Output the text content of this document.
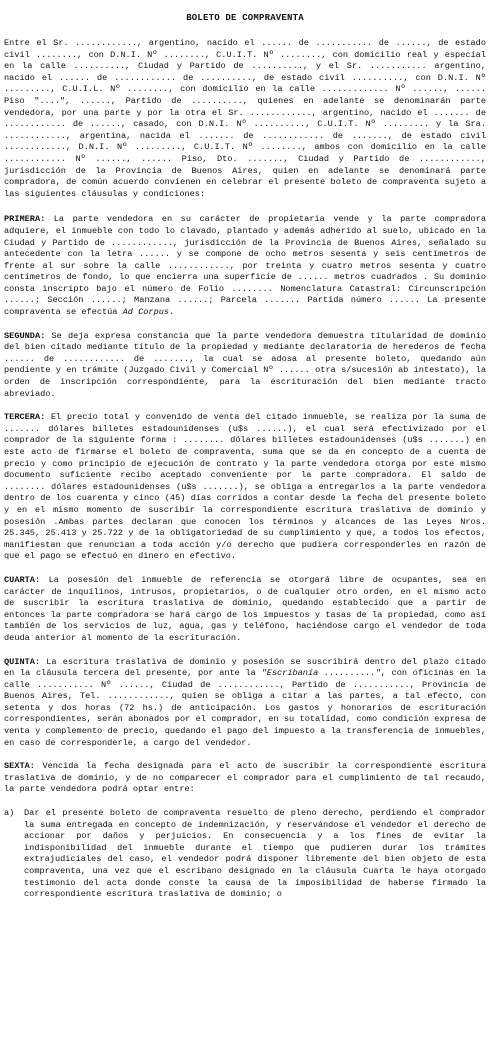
BOLETO DE COMPRAVENTA

Entre el Sr. ............, argentino, nacido el ...... de ........... de ......, de estado civil ........, con D.N.I. Nº ........, C.U.I.T. Nº ........, con domicilio real y especial en la calle .........., Ciudad y Partido de .........., y el Sr. ........... argentino, nacido el ...... de ............ de .........., de estado civil .........., con D.N.I. Nº ........., C.U.I.L. Nº ........, con domicilio en la calle ............. Nº ......, ...... Piso "....", ......, Partido de .........., quienes en adelante se denominarán parte vendedora, por una parte y por la otra el Sr. ............, argentino, nacido el ....... de ............ de ......, casado, con D.N.I. Nº .........., C.U.I.T. Nº ......... y la Sra. ............, argentina, nacida el ....... de ............ de ......., de estado civil ............, D.N.I. Nº ........., C.U.I.T. Nº ........, ambos con domicilio en la calle ............ Nº ......, ...... Piso, Dto. ......., Ciudad y Partido de ............, jurisdicción de la Provincia de Buenos Aires, quien en adelante se denominará parte compradora, de común acuerdo convienen en celebrar el presente boleto de compraventa sujeto a las siguientes cláusulas y condiciones:

PRIMERA: La parte vendedora en su carácter de propietaria vende y la parte compradora adquiere, el inmueble con todo lo clavado, plantado y además adherido al suelo, ubicado en la Ciudad y Partido de ............, jurisdicción de la Provincia de Buenos Aires, señalado su antecedente con la letra ...... y se compone de ocho metros sesenta y seis centímetros de frente al sur sobre la calle ............, por treinta y cuatro metros sesenta y cuatro centímetros de fondo, lo que encierra una superficie de ...... metros cuadrados . Su dominio consta inscripto bajo el número de Folio ........ Nomenclatura Catastral: Circunscripción ......; Sección ......; Manzana ......; Parcela ....... Partida número ...... La presente compraventa se efectúa Ad Corpus.

SEGUNDA: Se deja expresa constancia que la parte vendedora demuestra titularidad de dominio del bien citado mediante título de la propiedad y mediante declaratoria de herederos de fecha ...... de ............ de ......., la cual se adosa al presente boleto, quedando aún pendiente y en trámite (Juzgado Civil y Comercial Nº ...... otra s/sucesión ab intestato), la orden de inscripción correspondiente, para la escrituración del bien mediante tracto abreviado.

TERCERA: El precio total y convenido de venta del citado inmueble, se realiza por la suma de ....... dólares billetes estadounidenses (u$s ......), el cual será efectivizado por el comprador de la siguiente forma : ........ dólares billetes estadounidenses (u$s .......) en este acto de firmarse el boleto de compraventa, suma que se da en concepto de a cuenta de precio y como principio de ejecución de contrato y la parte vendedora otorga por este mismo documento suficiente recibo aceptado conveniente por la parte compradora. El saldo de ........ dólares estadounidenses (u$s .......), se obliga a entregarlos a la parte vendedora dentro de los cuarenta y cinco (45) días corridos a contar desde la fecha del presente boleto y en el mismo momento de suscribir la correspondiente escritura traslativa de dominio y posesión .Ambas partes declaran que conocen los términos y alcances de las Leyes Nros. 25.345, 25.413 y 25.722 y de la obligatoriedad de su cumplimiento y que, a todos los efectos, manifiestan que renuncian a toda acción y/o derecho que pudiera corresponderles en razón de que el pago se efectuó en dinero en efectivo.

CUARTA: La posesión del inmueble de referencia se otorgará libre de ocupantes, sea en carácter de inquilinos, intrusos, propietarios, o de cualquier otro orden, en el mismo acto de suscribir la escritura traslativa de dominio, quedando establecido que a partir de entonces la parte compradora se hará cargo de los impuestos y tasas de la propiedad, como así también de los servicios de luz, agua, gas y teléfono, haciéndose cargo el vendedor de toda deuda anterior al momento de la escrituración.

QUINTA: La escritura traslativa de dominio y posesión se suscribirá dentro del plazo citado en la cláusula tercera del presente, por ante la "Escribanía ..........", con oficinas en la calle ........... Nº ......, Ciudad de ............, Partido de ..........., Provincia de Buenos Aires, Tel. ............, quien se obliga a citar a las partes, a tal efecto, con setenta y dos horas (72 hs.) de anticipación. Los gastos y honorarios de escrituración correspondientes, serán abonados por el comprador, en su totalidad, como condición expresa de venta y complemento de precio, quedando el pago del impuesto a la transferencia de inmuebles, en caso de corresponderle, a cargo del vendedor.

SEXTA: Vencida la fecha designada para el acto de suscribir la correspondiente escritura traslativa de dominio, y de no comparecer el comprador para el cumplimiento de tal recaudo, la parte vendedora podrá optar entre:

a)	Dar el presente boleto de compraventa resuelto de pleno derecho, perdiendo el comprador la suma entregada en concepto de indemnización, y reservándose el vendedor el derecho de accionar por daños y perjuicios. En consecuencia y a los fines de evitar la indisponibilidad del inmueble durante el tiempo que pudieren durar los trámites extrajudiciales del caso, el vendedor podrá disponer libremente del bien objeto de esta compraventa, una vez que el escribano designado en la cláusula Cuarta le haya otorgado testimonio del acta donde conste la causa de la imposibilidad de haberse firmado la correspondiente escritura traslativa de dominio; o
